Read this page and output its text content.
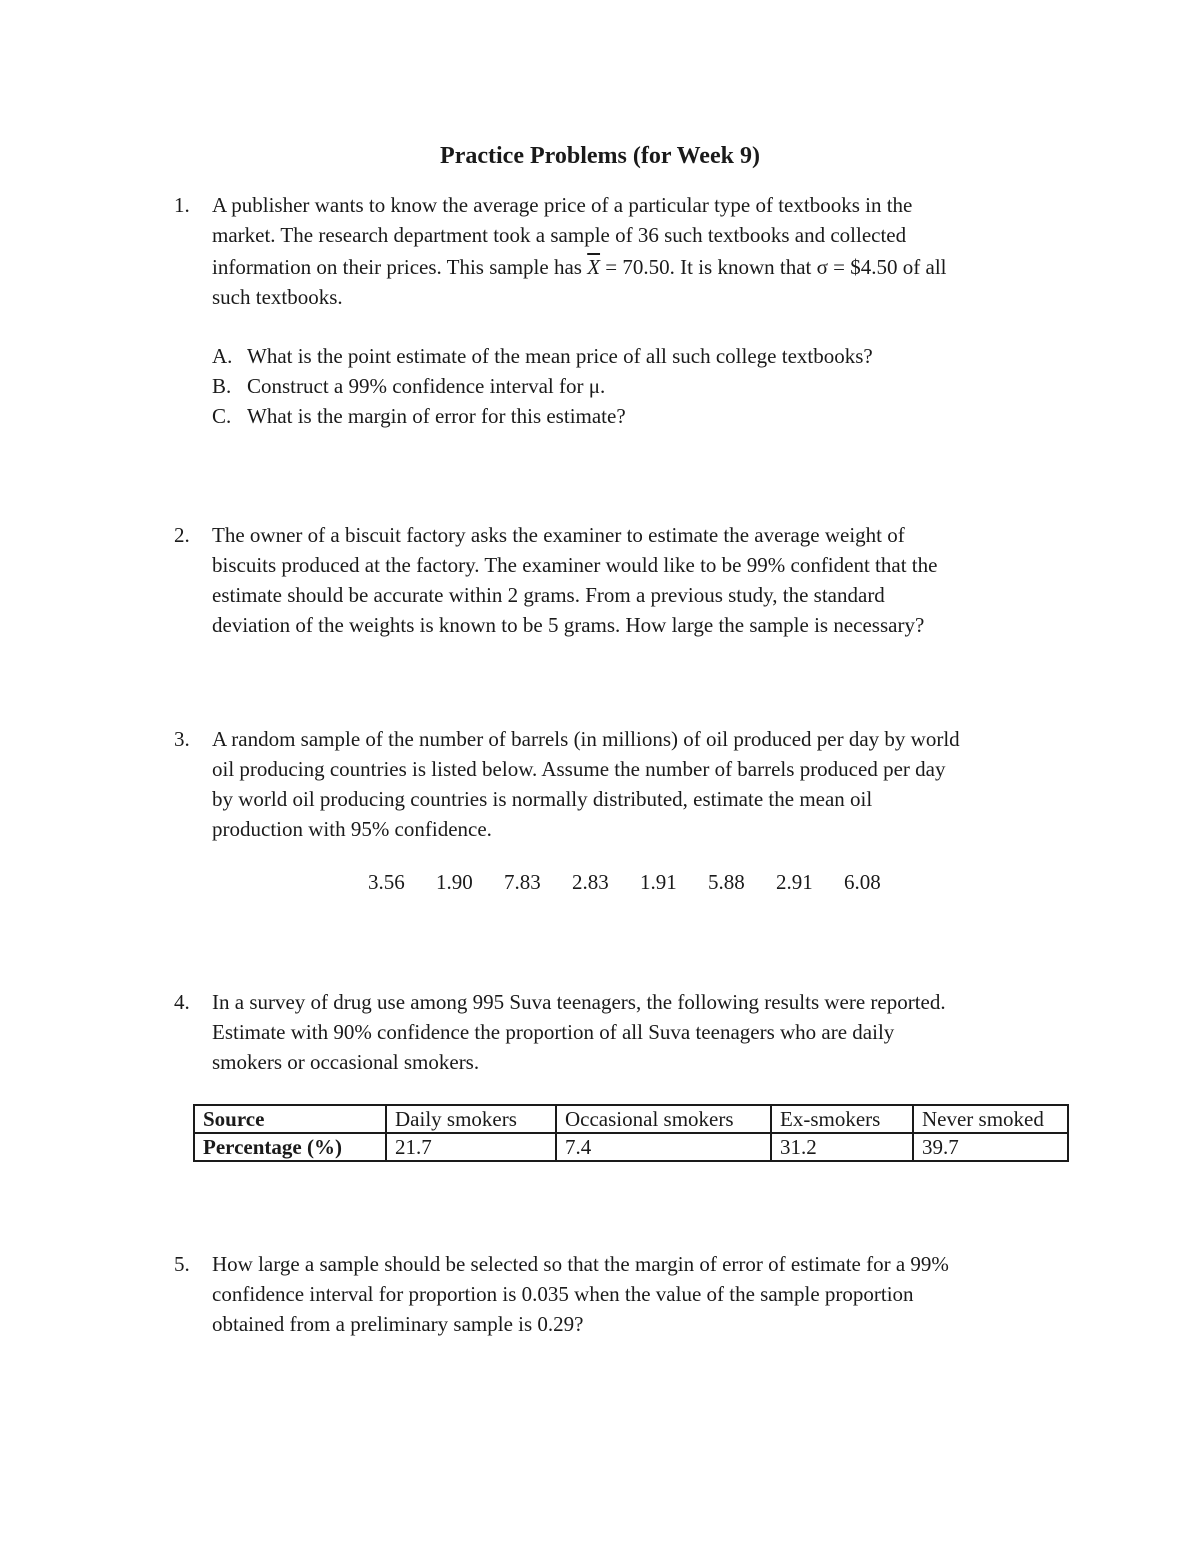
Practice Problems (for Week 9)
1. A publisher wants to know the average price of a particular type of textbooks in the
market. The research department took a sample of 36 such textbooks and collected
information on their prices. This sample has $\overline{X} = 70.50$. It is known that σ = $4.50 of all
such textbooks.
A. What is the point estimate of the mean price of all such college textbooks?
B. Construct a 99% confidence interval for μ.
C. What is the margin of error for this estimate?
2. The owner of a biscuit factory asks the examiner to estimate the average weight of
biscuits produced at the factory. The examiner would like to be 99% confident that the
estimate should be accurate within 2 grams. From a previous study, the standard
deviation of the weights is known to be 5 grams. How large the sample is necessary?
3. A random sample of the number of barrels (in millions) of oil produced per day by world
oil producing countries is listed below. Assume the number of barrels produced per day
by world oil producing countries is normally distributed, estimate the mean oil
production with 95% confidence.
3.56 1.90 7.83 2.83 1.91 5.88 2.91 6.08
4. In a survey of drug use among 995 Suva teenagers, the following results were reported.
Estimate with 90% confidence the proportion of all Suva teenagers who are daily
smokers or occasional smokers.
Source	Daily smokers	Occasional smokers	Ex-smokers	Never smoked
Percentage (%)	21.7	7.4	31.2	39.7
5. How large a sample should be selected so that the margin of error of estimate for a 99%
confidence interval for proportion is 0.035 when the value of the sample proportion
obtained from a preliminary sample is 0.29?
